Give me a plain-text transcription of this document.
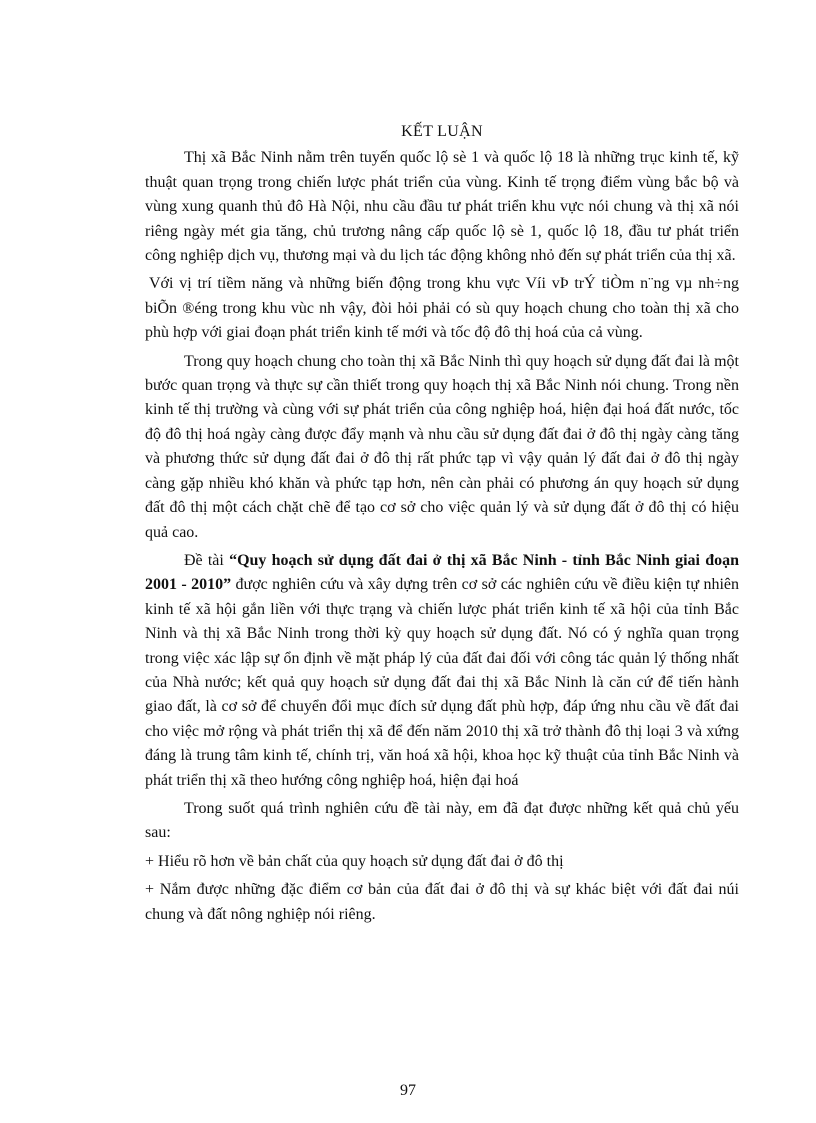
KẾT LUẬN

Thị xã Bắc Ninh nằm trên tuyến quốc lộ sè 1 và quốc lộ 18 là những trục kinh tế, kỹ thuật quan trọng trong chiến lược phát triển của vùng. Kinh tế trọng điểm vùng bắc bộ và vùng xung quanh thủ đô Hà Nội, nhu cầu đầu tư phát triển khu vực nói chung và thị xã nói riêng ngày mét gia tăng, chủ trương nâng cấp quốc lộ sè 1, quốc lộ 18, đầu tư phát triển công nghiệp dịch vụ, thương mại và du lịch tác động không nhỏ đến sự phát triển của thị xã.

Với vị trí tiềm năng và những biến động trong khu vực Víi vÞ trÝ tiÒm n¨ng vµ nh÷ng biÕn ®éng trong khu vùc nh vậy, đòi hỏi phải có sù quy hoạch chung cho toàn thị xã cho phù hợp với giai đoạn phát triển kinh tế mới và tốc độ đô thị hoá của cả vùng.

Trong quy hoạch chung cho toàn thị xã Bắc Ninh thì quy hoạch sử dụng đất đai là một bước quan trọng và thực sự cần thiết trong quy hoạch thị xã Bắc Ninh nói chung. Trong nền kinh tế thị trường và cùng với sự phát triển của công nghiệp hoá, hiện đại hoá đất nước, tốc độ đô thị hoá ngày càng được đẩy mạnh và nhu cầu sử dụng đất đai ở đô thị ngày càng tăng và phương thức sử dụng đất đai ở đô thị rất phức tạp vì vậy quản lý đất đai ở đô thị ngày càng gặp nhiều khó khăn và phức tạp hơn, nên càn phải có phương án quy hoạch sử dụng đất đô thị một cách chặt chẽ để tạo cơ sở cho việc quản lý và sử dụng đất ở đô thị có hiệu quả cao.

Đề tài “Quy hoạch sử dụng đất đai ở thị xã Bắc Ninh - tỉnh Bắc Ninh giai đoạn 2001 - 2010” được nghiên cứu và xây dựng trên cơ sở các nghiên cứu về điều kiện tự nhiên kinh tế xã hội gắn liền với thực trạng và chiến lược phát triển kinh tế xã hội của tỉnh Bắc Ninh và thị xã Bắc Ninh trong thời kỳ quy hoạch sử dụng đất. Nó có ý nghĩa quan trọng trong việc xác lập sự ổn định về mặt pháp lý của đất đai đối với công tác quản lý thống nhất của Nhà nước; kết quả quy hoạch sử dụng đất đai thị xã Bắc Ninh là căn cứ để tiến hành giao đất, là cơ sở để chuyển đổi mục đích sử dụng đất phù hợp, đáp ứng nhu cầu về đất đai cho việc mở rộng và phát triển thị xã để đến năm 2010 thị xã trở thành đô thị loại 3 và xứng đáng là trung tâm kinh tế, chính trị, văn hoá xã hội, khoa học kỹ thuật của tỉnh Bắc Ninh và phát triển thị xã theo hướng công nghiệp hoá, hiện đại hoá

Trong suốt quá trình nghiên cứu đề tài này, em đã đạt được những kết quả chủ yếu sau:

+ Hiểu rõ hơn về bản chất của quy hoạch sử dụng đất đai ở đô thị

+ Nắm được những đặc điểm cơ bản của đất đai ở đô thị và sự khác biệt với đất đai núi chung và đất nông nghiệp nói riêng.

97
